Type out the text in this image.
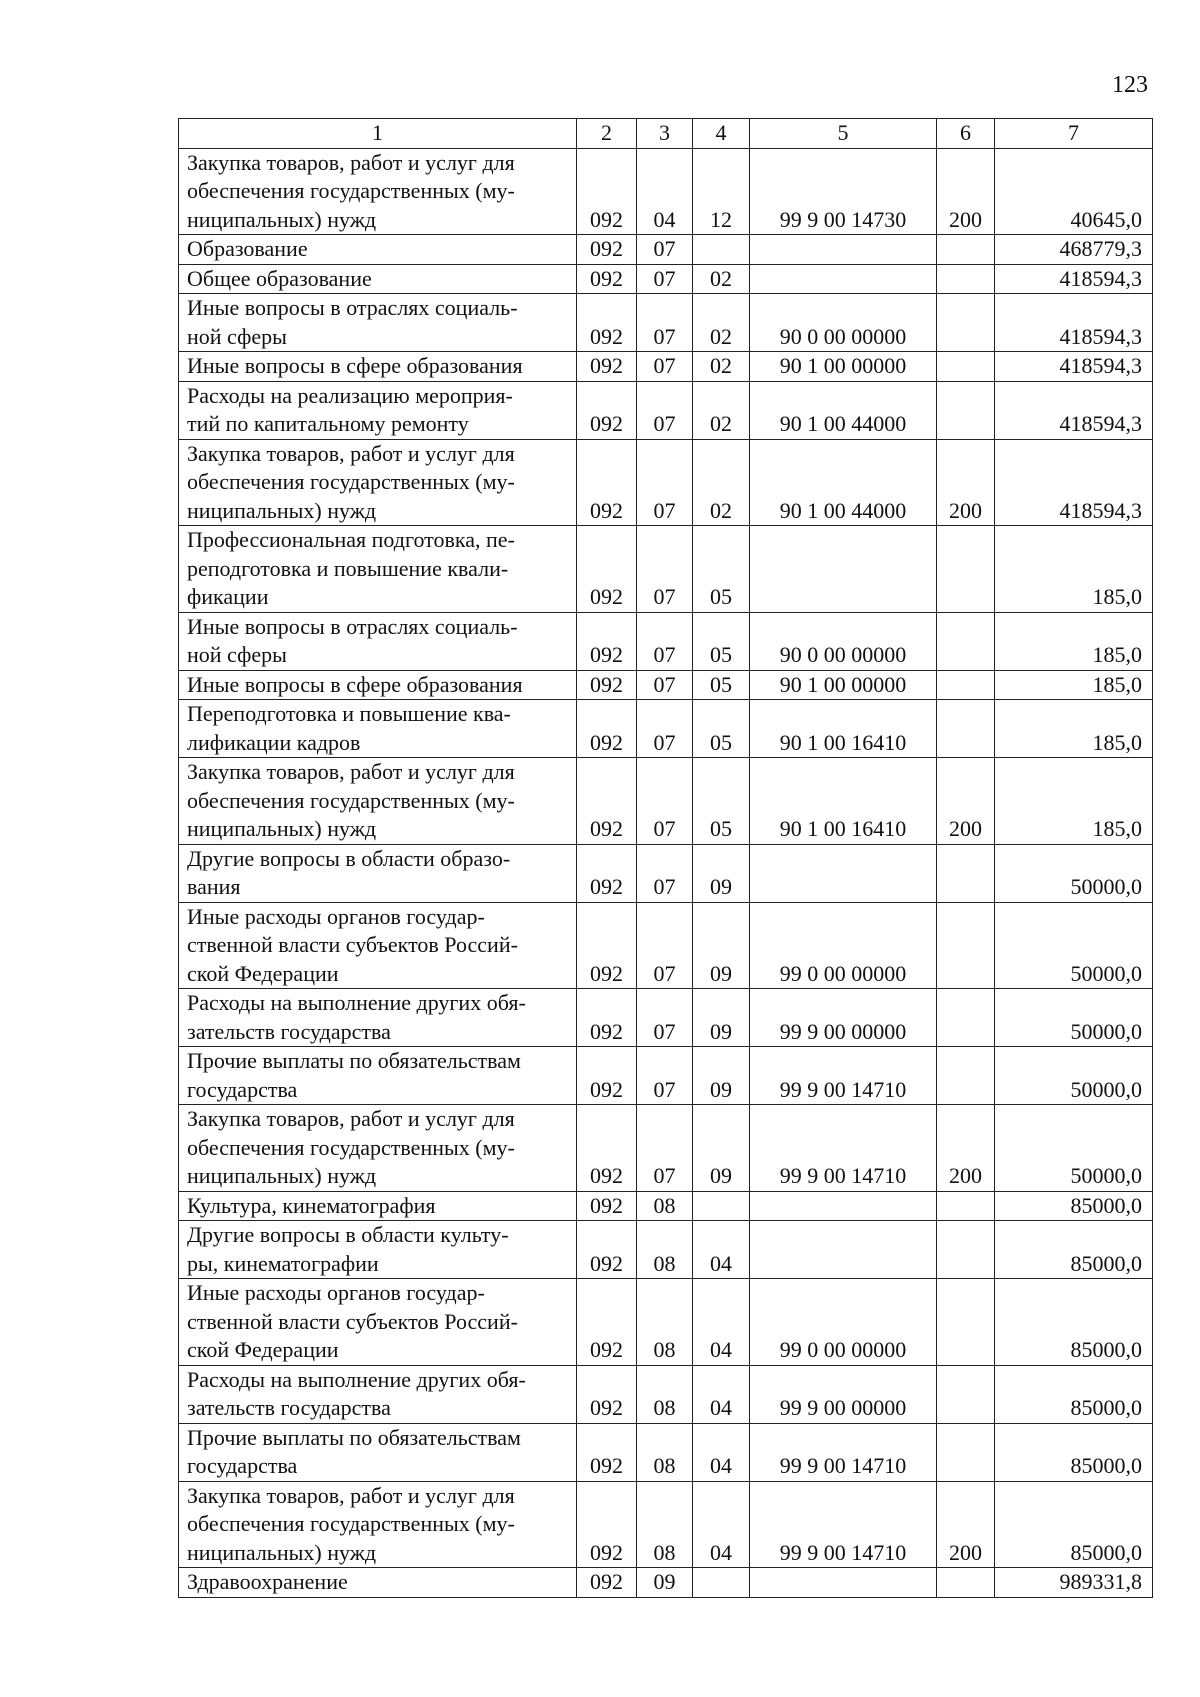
123
1	2	3	4	5	6	7
Закупка товаров, работ и услуг для
обеспечения государственных (му-
ниципальных) нужд	092	04	12	99 9 00 14730	200	40645,0
Образование	092	07				468779,3
Общее образование	092	07	02			418594,3
Иные вопросы в отраслях социаль-
ной сферы	092	07	02	90 0 00 00000		418594,3
Иные вопросы в сфере образования	092	07	02	90 1 00 00000		418594,3
Расходы на реализацию мероприя-
тий по капитальному ремонту	092	07	02	90 1 00 44000		418594,3
Закупка товаров, работ и услуг для
обеспечения государственных (му-
ниципальных) нужд	092	07	02	90 1 00 44000	200	418594,3
Профессиональная подготовка, пе-
реподготовка и повышение квали-
фикации	092	07	05			185,0
Иные вопросы в отраслях социаль-
ной сферы	092	07	05	90 0 00 00000		185,0
Иные вопросы в сфере образования	092	07	05	90 1 00 00000		185,0
Переподготовка и повышение ква-
лификации кадров	092	07	05	90 1 00 16410		185,0
Закупка товаров, работ и услуг для
обеспечения государственных (му-
ниципальных) нужд	092	07	05	90 1 00 16410	200	185,0
Другие вопросы в области образо-
вания	092	07	09			50000,0
Иные расходы органов государ-
ственной власти субъектов Россий-
ской Федерации	092	07	09	99 0 00 00000		50000,0
Расходы на выполнение других обя-
зательств государства	092	07	09	99 9 00 00000		50000,0
Прочие выплаты по обязательствам
государства	092	07	09	99 9 00 14710		50000,0
Закупка товаров, работ и услуг для
обеспечения государственных (му-
ниципальных) нужд	092	07	09	99 9 00 14710	200	50000,0
Культура, кинематография	092	08				85000,0
Другие вопросы в области культу-
ры, кинематографии	092	08	04			85000,0
Иные расходы органов государ-
ственной власти субъектов Россий-
ской Федерации	092	08	04	99 0 00 00000		85000,0
Расходы на выполнение других обя-
зательств государства	092	08	04	99 9 00 00000		85000,0
Прочие выплаты по обязательствам
государства	092	08	04	99 9 00 14710		85000,0
Закупка товаров, работ и услуг для
обеспечения государственных (му-
ниципальных) нужд	092	08	04	99 9 00 14710	200	85000,0
Здравоохранение	092	09				989331,8
